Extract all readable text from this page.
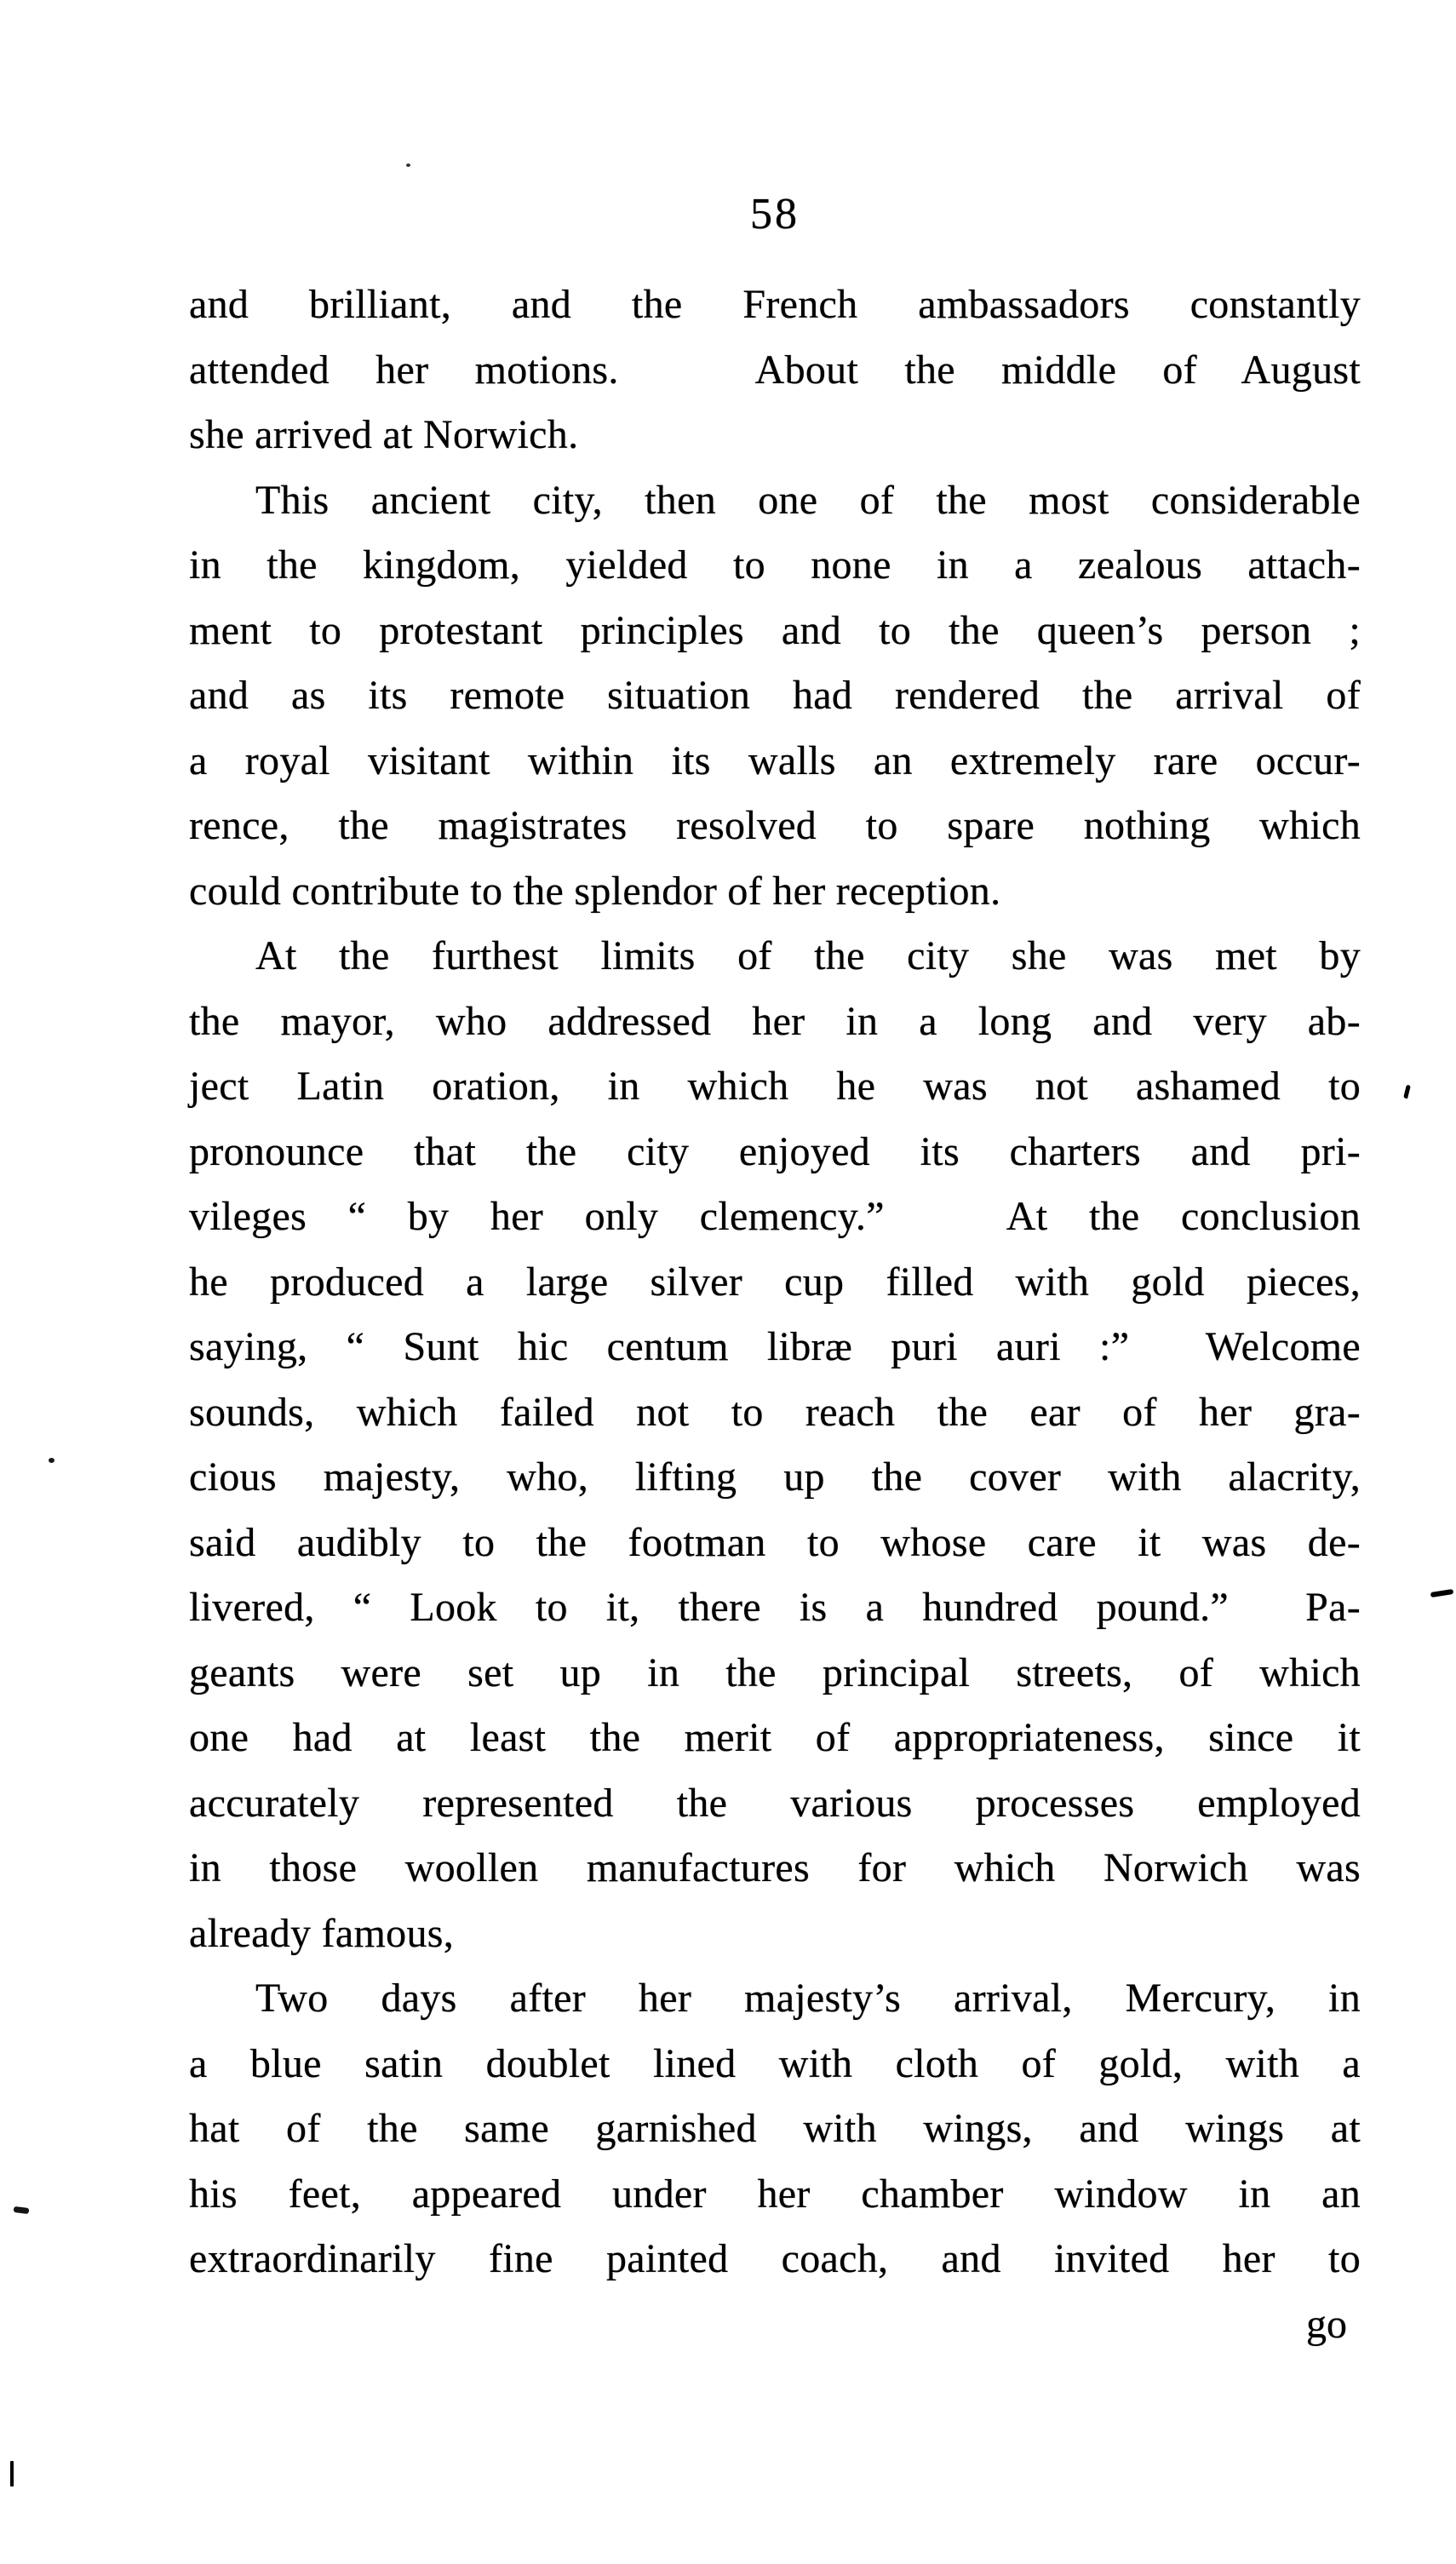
58
and brilliant, and the French ambassadors constantly
attended her motions.   About the middle of August
she arrived at Norwich.
This ancient city, then one of the most considerable
in the kingdom, yielded to none in a zealous attach-
ment to protestant principles and to the queen’s person ;
and as its remote situation had rendered the arrival of
a royal visitant within its walls an extremely rare occur-
rence, the magistrates resolved to spare nothing which
could contribute to the splendor of her reception.
At the furthest limits of the city she was met by
the mayor, who addressed her in a long and very ab-
ject Latin oration, in which he was not ashamed to
pronounce that the city enjoyed its charters and pri-
vileges “ by her only clemency.”   At the conclusion
he produced a large silver cup filled with gold pieces,
saying, “ Sunt hic centum libræ puri auri :”  Welcome
sounds, which failed not to reach the ear of her gra-
cious majesty, who, lifting up the cover with alacrity,
said audibly to the footman to whose care it was de-
livered, “ Look to it, there is a hundred pound.”  Pa-
geants were set up in the principal streets, of which
one had at least the merit of appropriateness, since it
accurately represented the various processes employed
in those woollen manufactures for which Norwich was
already famous,
Two days after her majesty’s arrival, Mercury, in
a blue satin doublet lined with cloth of gold, with a
hat of the same garnished with wings, and wings at
his feet, appeared under her chamber window in an
extraordinarily fine painted coach, and invited her to
go
